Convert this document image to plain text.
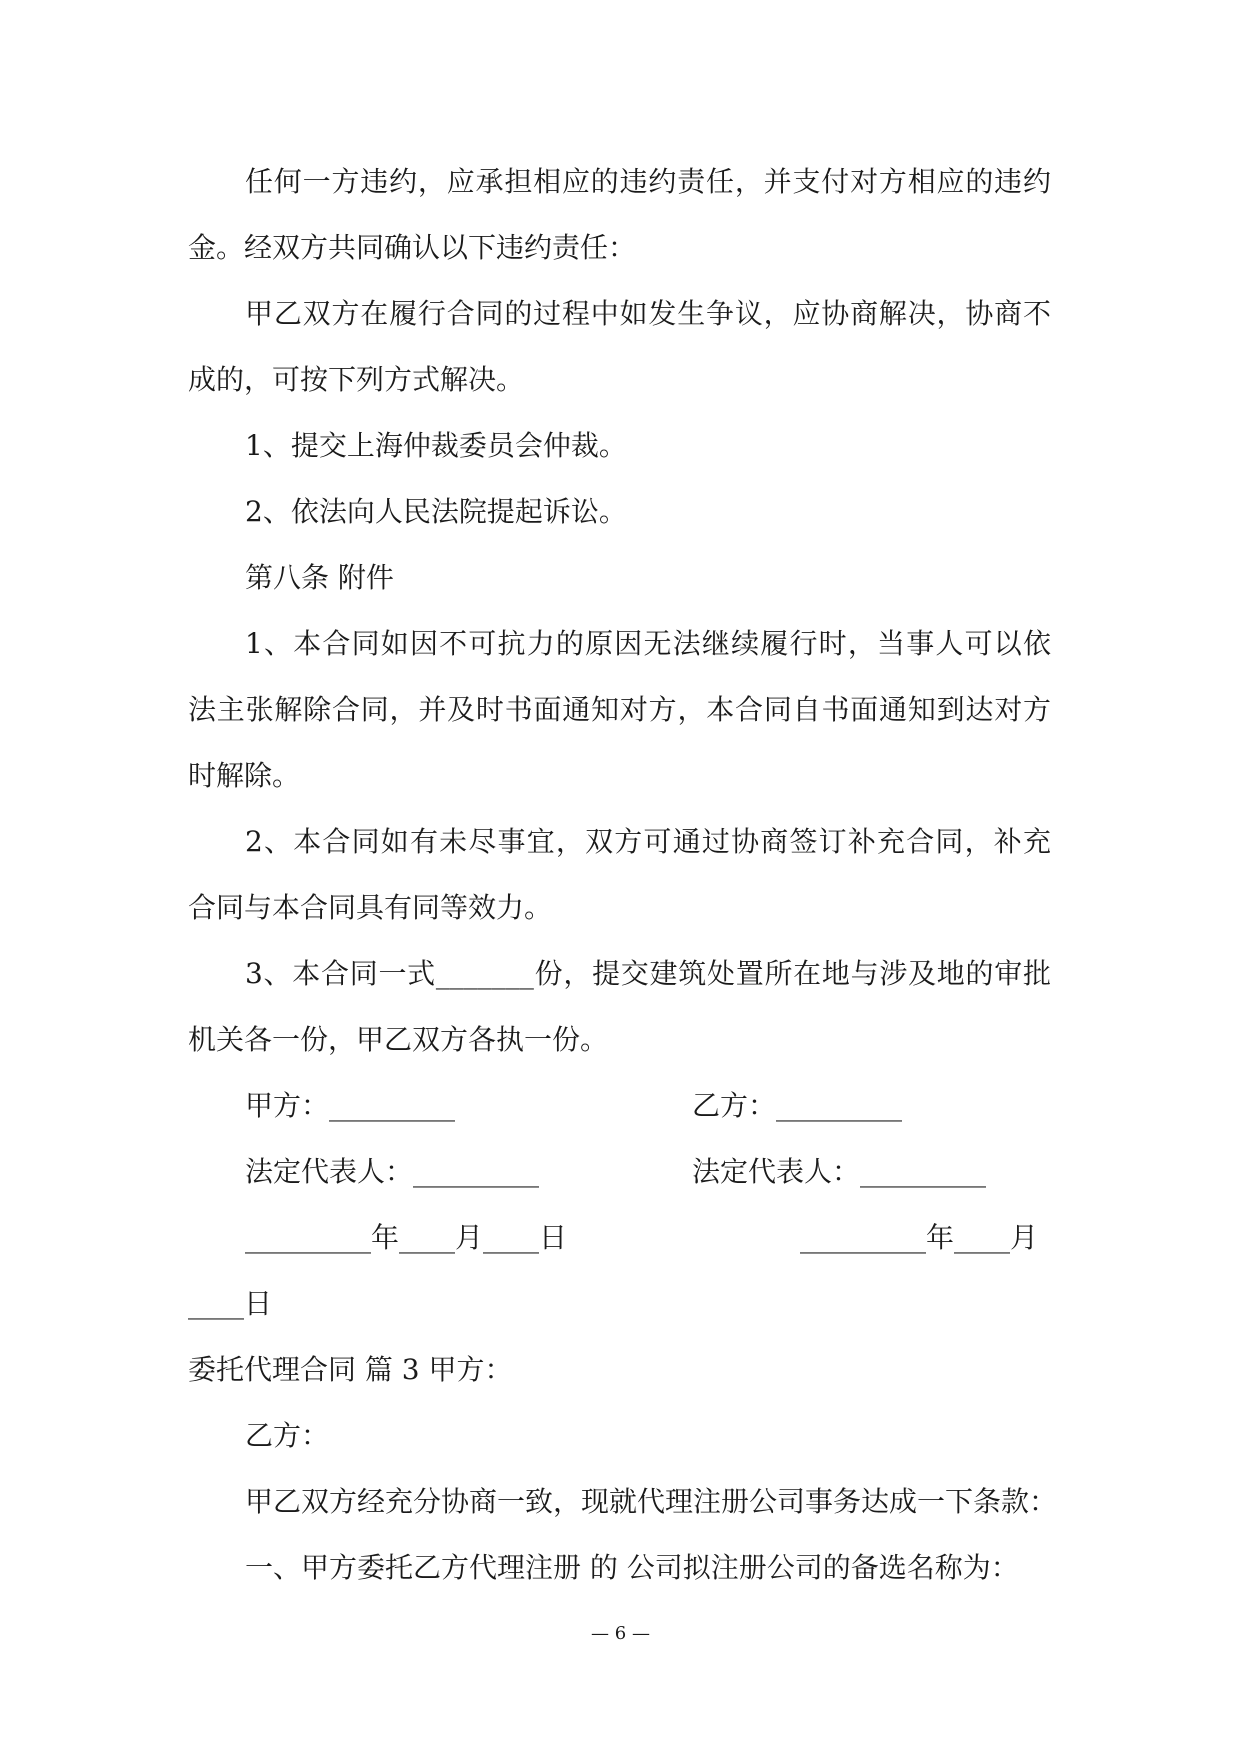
任何一方违约，应承担相应的违约责任，并支付对方相应的违约
金。经双方共同确认以下违约责任：
甲乙双方在履行合同的过程中如发生争议，应协商解决，协商不
成的，可按下列方式解决。
1、提交上海仲裁委员会仲裁。
2、依法向人民法院提起诉讼。
第八条 附件
1、本合同如因不可抗力的原因无法继续履行时，当事人可以依
法主张解除合同，并及时书面通知对方，本合同自书面通知到达对方
时解除。
2、本合同如有未尽事宜，双方可通过协商签订补充合同，补充
合同与本合同具有同等效力。
3、本合同一式_______份，提交建筑处置所在地与涉及地的审批
机关各一份，甲乙双方各执一份。
甲方：_________	乙方：_________
法定代表人：_________	法定代表人：_________
_________年____月____日	_________年____月
____日
委托代理合同 篇 3 甲方：
乙方：
甲乙双方经充分协商一致，现就代理注册公司事务达成一下条款：
一、甲方委托乙方代理注册 的 公司拟注册公司的备选名称为：
— 6 —
